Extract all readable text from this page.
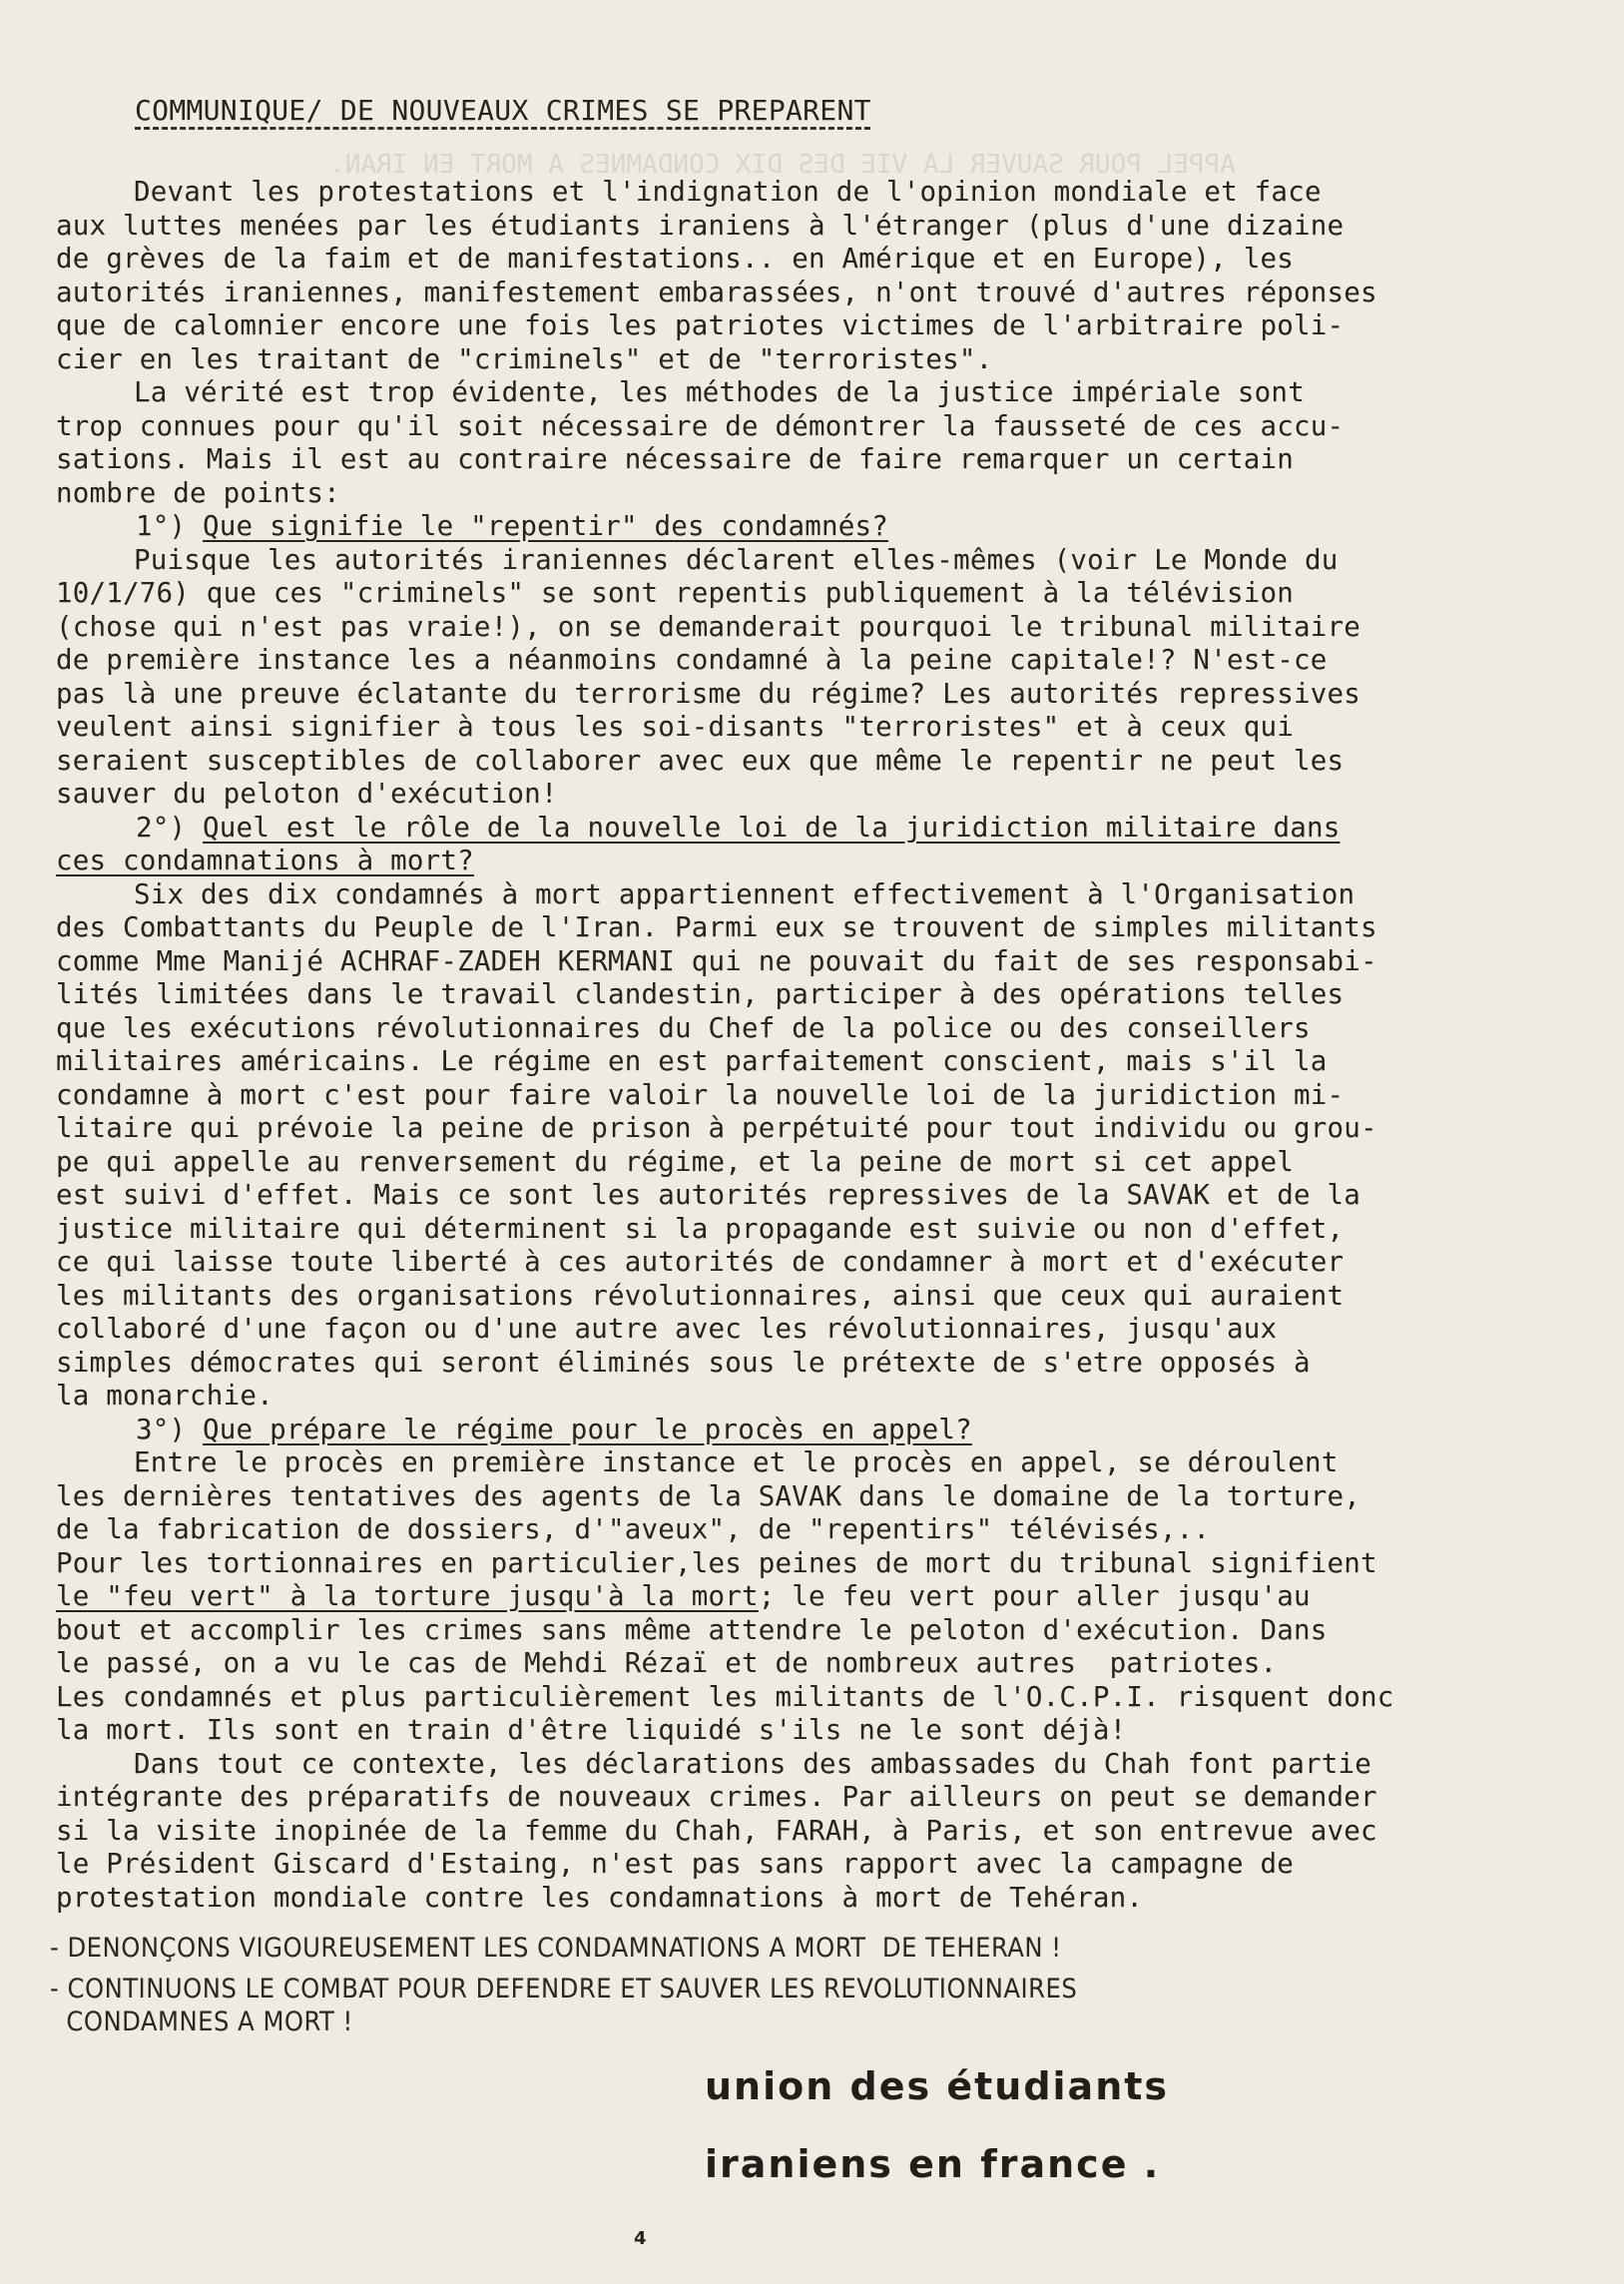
APPEL POUR SAUVER LA VIE DES DIX CONDAMNES A MORT EN IRAN.
COMMUNIQUE/ DE NOUVEAUX CRIMES SE PREPARENT

Devant les protestations et l'indignation de l'opinion mondiale et face

aux luttes menées par les étudiants iraniens à l'étranger (plus d'une dizaine

de grèves de la faim et de manifestations.. en Amérique et en Europe), les

autorités iraniennes, manifestement embarassées, n'ont trouvé d'autres réponses

que de calomnier encore une fois les patriotes victimes de l'arbitraire poli-

cier en les traitant de "criminels" et de "terroristes".

La vérité est trop évidente, les méthodes de la justice impériale sont

trop connues pour qu'il soit nécessaire de démontrer la fausseté de ces accu-

sations. Mais il est au contraire nécessaire de faire remarquer un certain

nombre de points:

1°) Que signifie le "repentir" des condamnés?

Puisque les autorités iraniennes déclarent elles-mêmes (voir Le Monde du

10/1/76) que ces "criminels" se sont repentis publiquement à la télévision

(chose qui n'est pas vraie!), on se demanderait pourquoi le tribunal militaire

de première instance les a néanmoins condamné à la peine capitale!? N'est-ce

pas là une preuve éclatante du terrorisme du régime? Les autorités repressives

veulent ainsi signifier à tous les soi-disants "terroristes" et à ceux qui

seraient susceptibles de collaborer avec eux que même le repentir ne peut les

sauver du peloton d'exécution!

2°) Quel est le rôle de la nouvelle loi de la juridiction militaire dans

ces condamnations à mort?

Six des dix condamnés à mort appartiennent effectivement à l'Organisation

des Combattants du Peuple de l'Iran. Parmi eux se trouvent de simples militants

comme Mme Manijé ACHRAF-ZADEH KERMANI qui ne pouvait du fait de ses responsabi-

lités limitées dans le travail clandestin, participer à des opérations telles

que les exécutions révolutionnaires du Chef de la police ou des conseillers

militaires américains. Le régime en est parfaitement conscient, mais s'il la

condamne à mort c'est pour faire valoir la nouvelle loi de la juridiction mi-

litaire qui prévoie la peine de prison à perpétuité pour tout individu ou grou-

pe qui appelle au renversement du régime, et la peine de mort si cet appel

est suivi d'effet. Mais ce sont les autorités repressives de la SAVAK et de la

justice militaire qui déterminent si la propagande est suivie ou non d'effet,

ce qui laisse toute liberté à ces autorités de condamner à mort et d'exécuter

les militants des organisations révolutionnaires, ainsi que ceux qui auraient

collaboré d'une façon ou d'une autre avec les révolutionnaires, jusqu'aux

simples démocrates qui seront éliminés sous le prétexte de s'etre opposés à

la monarchie.

3°) Que prépare le régime pour le procès en appel?

Entre le procès en première instance et le procès en appel, se déroulent

les dernières tentatives des agents de la SAVAK dans le domaine de la torture,

de la fabrication de dossiers, d'"aveux", de "repentirs" télévisés,..

Pour les tortionnaires en particulier,les peines de mort du tribunal signifient

le "feu vert" à la torture jusqu'à la mort; le feu vert pour aller jusqu'au

bout et accomplir les crimes sans même attendre le peloton d'exécution. Dans

le passé, on a vu le cas de Mehdi Rézaï et de nombreux autres  patriotes.

Les condamnés et plus particulièrement les militants de l'O.C.P.I. risquent donc

la mort. Ils sont en train d'être liquidé s'ils ne le sont déjà!

Dans tout ce contexte, les déclarations des ambassades du Chah font partie

intégrante des préparatifs de nouveaux crimes. Par ailleurs on peut se demander

si la visite inopinée de la femme du Chah, FARAH, à Paris, et son entrevue avec

le Président Giscard d'Estaing, n'est pas sans rapport avec la campagne de

protestation mondiale contre les condamnations à mort de Tehéran.

- DENONÇONS VIGOUREUSEMENT LES CONDAMNATIONS A MORT  DE TEHERAN !

- CONTINUONS LE COMBAT POUR DEFENDRE ET SAUVER LES REVOLUTIONNAIRES

CONDAMNES A MORT !

union des étudiants
iraniens en france .
4
